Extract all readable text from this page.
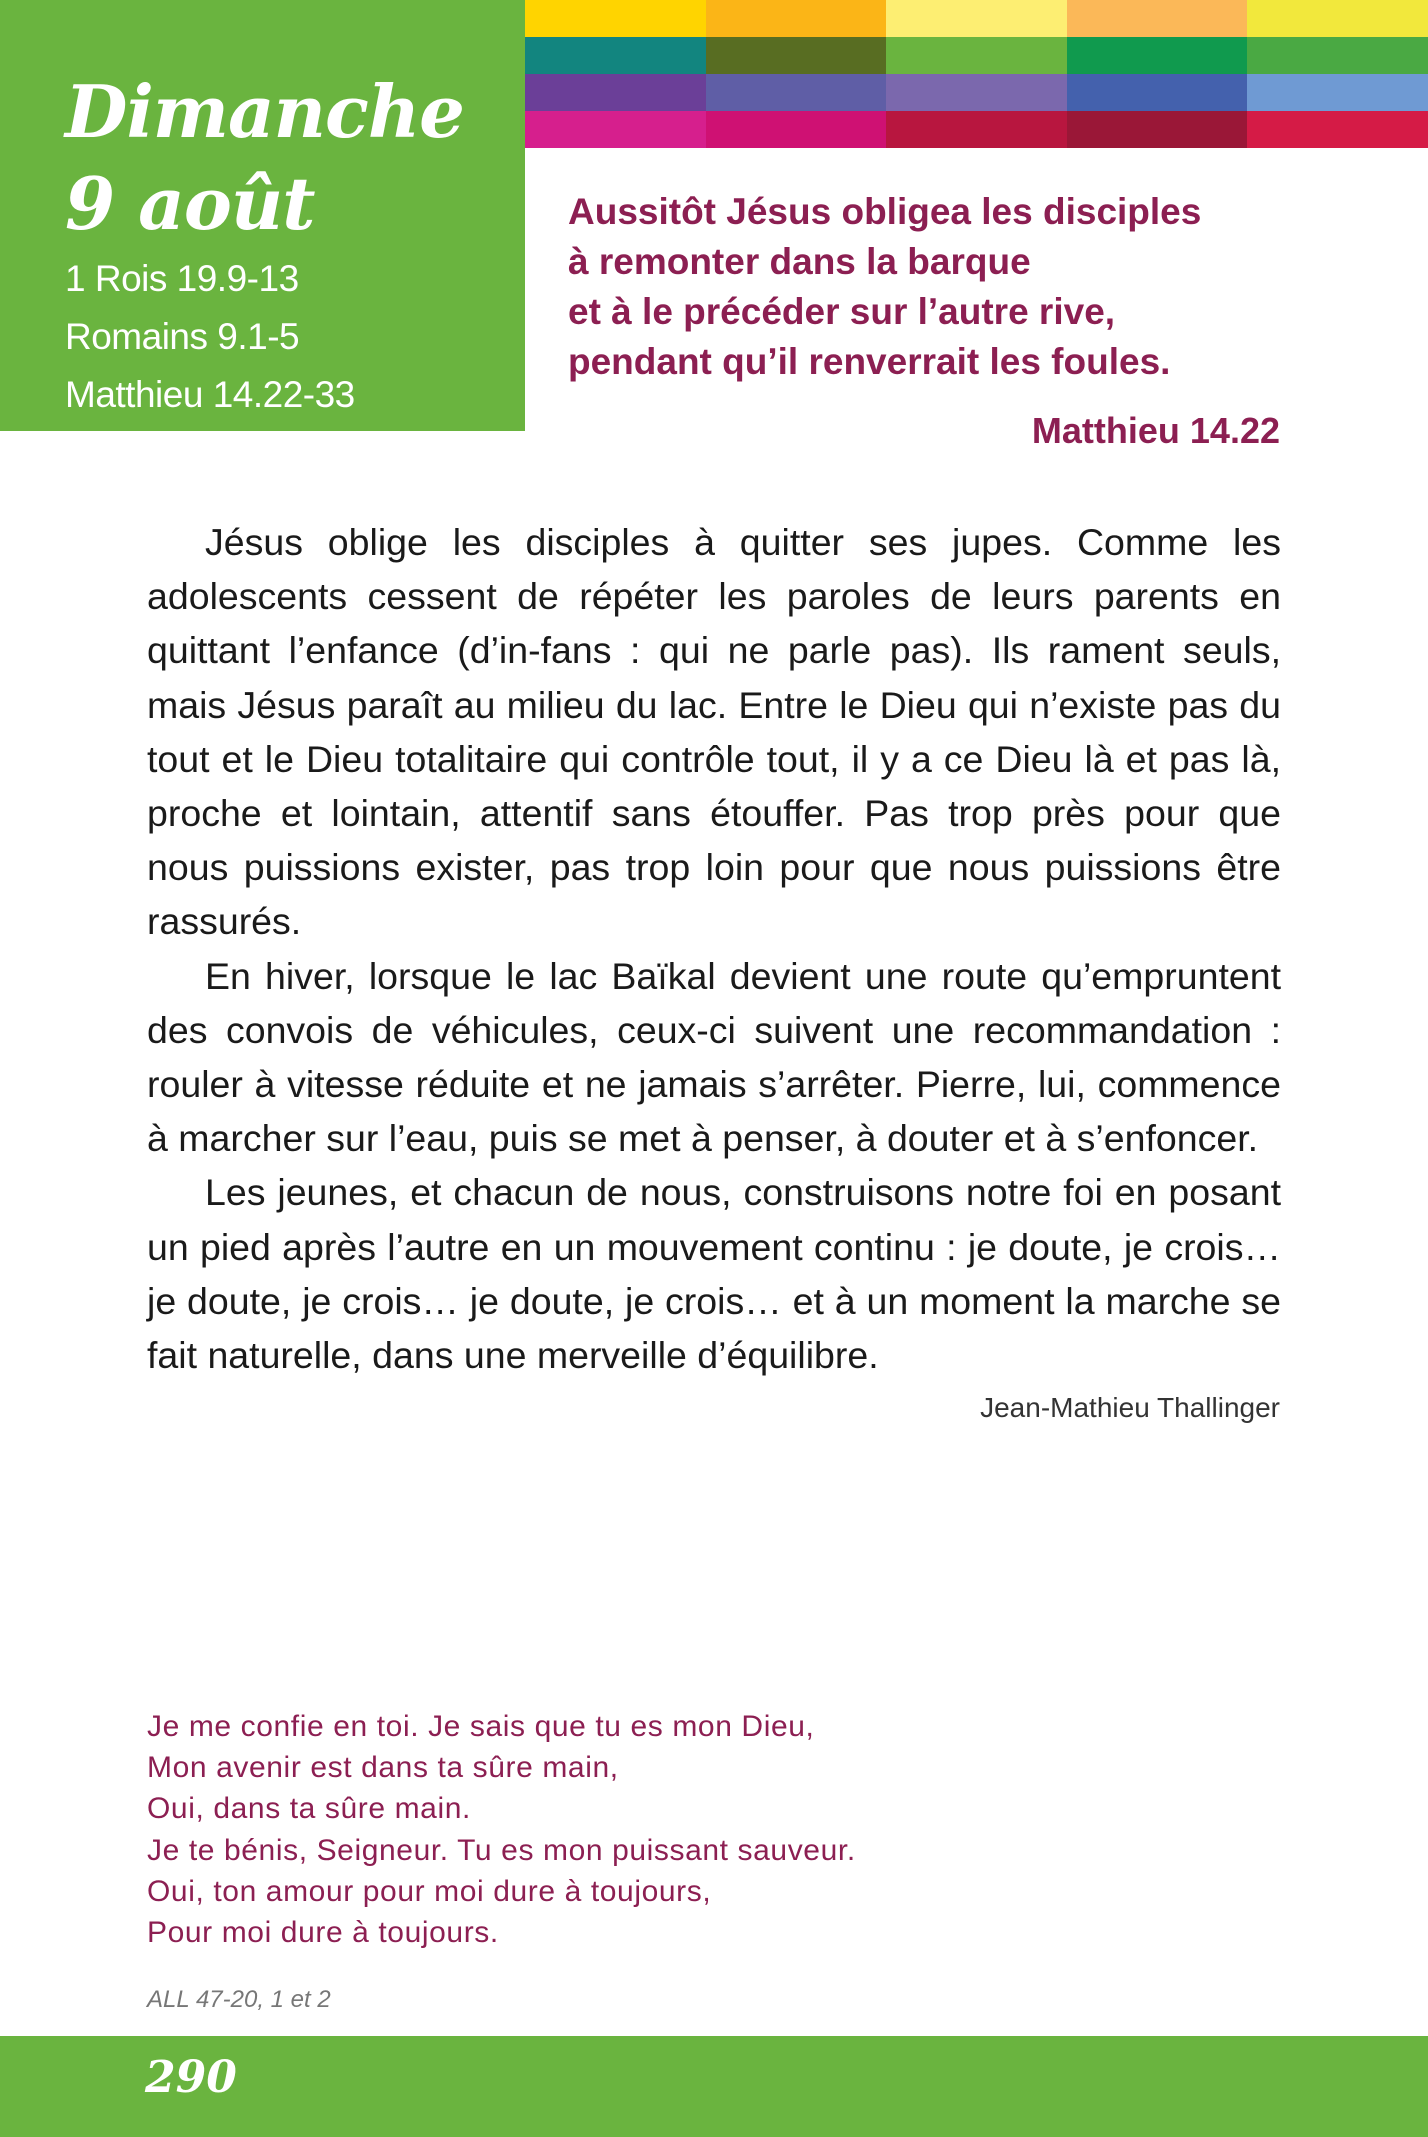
Dimanche
9 août
1 Rois 19.9-13
Romains 9.1-5
Matthieu 14.22-33
Aussitôt Jésus obligea les disciples
à remonter dans la barque
et à le précéder sur l’autre rive,
pendant qu’il renverrait les foules.
Matthieu 14.22

Jésus oblige les disciples à quitter ses jupes. Comme les adolescents cessent de répéter les paroles de leurs parents en quittant l’enfance (d’in-fans : qui ne parle pas). Ils rament seuls, mais Jésus paraît au milieu du lac. Entre le Dieu qui n’existe pas du tout et le Dieu totalitaire qui contrôle tout, il y a ce Dieu là et pas là, proche et lointain, attentif sans étouffer. Pas trop près pour que nous puissions exister, pas trop loin pour que nous puissions être rassurés.

En hiver, lorsque le lac Baïkal devient une route qu’empruntent des convois de véhicules, ceux-ci suivent une recommandation : rouler à vitesse réduite et ne jamais s’arrêter. Pierre, lui, commence à marcher sur l’eau, puis se met à penser, à douter et à s’enfoncer.

Les jeunes, et chacun de nous, construisons notre foi en posant un pied après l’autre en un mouvement continu : je doute, je crois… je doute, je crois… je doute, je crois… et à un moment la marche se fait naturelle, dans une merveille d’équilibre.

Jean-Mathieu Thallinger
Je me confie en toi. Je sais que tu es mon Dieu,
Mon avenir est dans ta sûre main,
Oui, dans ta sûre main.
Je te bénis, Seigneur. Tu es mon puissant sauveur.
Oui, ton amour pour moi dure à toujours,
Pour moi dure à toujours.
ALL 47-20, 1 et 2
290
